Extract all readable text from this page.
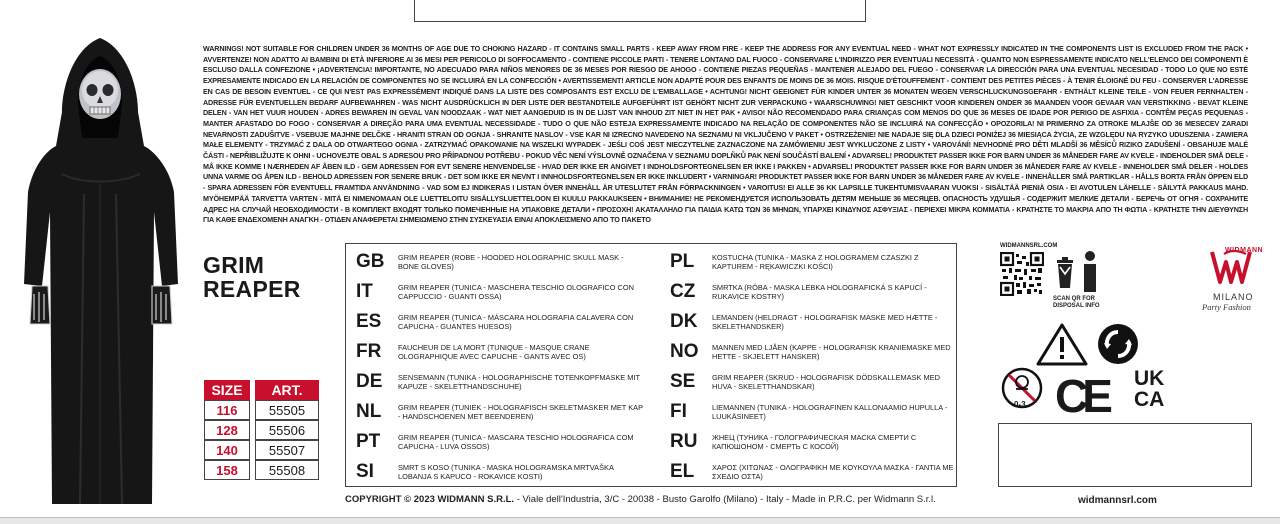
WARNINGS! NOT SUITABLE FOR CHILDREN UNDER 36 MONTHS OF AGE DUE TO CHOKING HAZARD - IT CONTAINS SMALL PARTS - KEEP AWAY FROM FIRE - KEEP THE ADDRESS FOR ANY EVENTUAL NEED - WHAT NOT EXPRESSLY INDICATED IN THE COMPONENTS LIST IS EXCLUDED FROM THE PACK • AVVERTENZE! NON ADATTO AI BAMBINI DI ETÀ INFERIORE AI 36 MESI PER PERICOLO DI SOFFOCAMENTO - CONTIENE PICCOLE PARTI - TENERE LONTANO DAL FUOCO - CONSERVARE L'INDIRIZZO PER EVENTUALI NECESSITÀ - QUANTO NON ESPRESSAMENTE INDICATO NELL'ELENCO DEI COMPONENTI È ESCLUSO DALLA CONFEZIONE • ¡ADVERTENCIA! IMPORTANTE, NO ADECUADO PARA NIÑOS MENORES DE 36 MESES POR RIESGO DE AHOGO - CONTIENE PIEZAS PEQUEÑAS - MANTENER ALEJADO DEL FUEGO - CONSERVAR LA DIRECCIÓN PARA UNA EVENTUAL NECESIDAD - TODO LO QUE NO ESTÉ EXPRESAMENTE INDICADO EN LA RELACIÓN DE COMPONENTES NO SE INCLUIRÁ EN LA CONFECCIÓN • AVERTISSEMENT! ARTICLE NON ADAPTÉ POUR DES ENFANTS DE MOINS DE 36 MOIS. RISQUE D'ÉTOUFFEMENT - CONTIENT DES PETITES PIÈCES - À TENIR ÉLOIGNÉ DU FEU - CONSERVER L'ADRESSE EN CAS DE BESOIN EVENTUEL - CE QUI N'EST PAS EXPRESSÉMENT INDIQUÉ DANS LA LISTE DES COMPOSANTS EST EXCLU DE L'EMBALLAGE • ACHTUNG! NICHT GEEIGNET FÜR KINDER UNTER 36 MONATEN WEGEN VERSCHLUCKUNGSGEFAHR - ENTHÄLT KLEINE TEILE - VON FEUER FERNHALTEN - ADRESSE FÜR EVENTUELLEN BEDARF AUFBEWAHREN - WAS NICHT AUSDRÜCKLICH IN DER LISTE DER BESTANDTEILE AUFGEFÜHRT IST GEHÖRT NICHT ZUR VERPACKUNG • WAARSCHUWING! NIET GESCHIKT VOOR KINDEREN ONDER 36 MAANDEN VOOR GEVAAR VAN VERSTIKKING - BEVAT KLEINE DELEN - VAN HET VUUR HOUDEN - ADRES BEWAREN IN GEVAL VAN NOODZAAK - WAT NIET AANGEDUID IS IN DE LIJST VAN INHOUD ZIT NIET IN HET PAK • AVISO! NÃO RECOMENDADO PARA CRIANÇAS COM MENOS DO QUE 36 MESES DE IDADE POR PERIGO DE ASFIXIA - CONTÊM PEÇAS PEQUENAS - MANTER AFASTADO DO FOGO - CONSERVAR A DIREÇÃO PARA UMA EVENTUAL NECESSIDADE - TUDO O QUE NÃO ESTEJA EXPRESSAMENTE INDICADO NA RELAÇÃO DE COMPONENTES NÃO SE INCLUIRÁ NA CONFECÇÃO • OPOZORILA! NI PRIMERNO ZA OTROKE MLAJŠE OD 36 MESECEV ZARADI NEVARNOSTI ZADUŠITVE - VSEBUJE MAJHNE DELČKE - HRANITI STRAN OD OGNJA - SHRANITE NASLOV - VSE KAR NI IZRECNO NAVEDENO NA SEZNAMU NI VKLJUČENO V PAKET • OSTRZEŻENIE! NIE NADAJE SIĘ DLA DZIECI PONIŻEJ 36 MIESIĄCA ŻYCIA, ZE WZGLĘDU NA RYZYKO UDUSZENIA - ZAWIERA MAŁE ELEMENTY - TRZYMAĆ Z DALA OD OTWARTEGO OGNIA - ZATRZYMAĆ OPAKOWANIE NA WSZELKI WYPADEK - JEŚLI COŚ JEST NIECZYTELNE ZAZNACZONE NA ZAMÓWIENIU JEST WYKLUCZONE Z LISTY • VAROVÁNÍ! NEVHODNÉ PRO DĚTI MLADŠÍ 36 MĚSÍCŮ RIZIKO ZADUŠENÍ - OBSAHUJE MALÉ ČÁSTI - NEPŘIBLIŽUJTE K OHNI - UCHOVEJTE OBAL S ADRESOU PRO PŘÍPADNOU POTŘEBU - POKUD VĚC NENÍ VÝSLOVNĚ OZNAČENA V SEZNAMU DOPLŇKŮ PAK NENÍ SOUČÁSTÍ BALENÍ • ADVARSEL! PRODUKTET PASSER IKKE FOR BARN UNDER 36 MÅNEDER FARE AV KVELE - INDEHOLDER SMÅ DELE - MÅ IKKE KOMME I NÆRHEDEN AF ÅBEN ILD - GEM ADRESSEN FOR EVT SENERE HENVENDELSE - HVAD DER IKKE ER ANGIVET I INDHOLDSFORTEGNELSEN ER IKKE I PAKKEN • ADVARSEL! PRODUKTET PASSER IKKE FOR BARN UNDER 36 MÅNEDER FARE AV KVELE - INNEHOLDER SMÅ DELER - HOLDES UNNA VARME OG ÅPEN ILD - BEHOLD ADRESSEN FOR SENERE BRUK - DET SOM IKKE ER NEVNT I INNHOLDSFORTEGNELSEN ER IKKE INKLUDERT • VARNINGAR! PRODUKTET PASSER IKKE FOR BARN UNDER 36 MÅNEDER FARE AV KVELE - INNEHÅLLER SMÅ PARTIKLAR - HÅLLS BORTA FRÅN ÖPPEN ELD - SPARA ADRESSEN FÖR EVENTUELL FRAMTIDA ANVÄNDNING - VAD SOM EJ INDIKERAS I LISTAN ÖVER INNEHÅLL ÄR UTESLUTET FRÅN FÖRPACKNINGEN • VAROITUS! EI ALLE 36 KK LAPSILLE TUKEHTUMISVAARAN VUOKSI - SISÄLTÄÄ PIENIÄ OSIA - EI AVOTULEN LÄHELLE - SÄILYTÄ PAKKAUS MAHD. MYÖHEMPÄÄ TARVETTA VARTEN - MITÄ EI NIMENOMAAN OLE LUETTELOITU SISÄLLYSLUETTELOON EI KUULU PAKKAUKSEEN • ВНИМАНИЕ! НЕ РЕКОМЕНДУЕТСЯ ИСПОЛЬЗОВАТЬ ДЕТЯМ МЕНЬШЕ 36 МЕСЯЦЕВ. ОПАСНОСТЬ УДУШЬЯ - СОДЕРЖИТ МЕЛКИЕ ДЕТАЛИ - БЕРЕЧЬ ОТ ОГНЯ - СОХРАНИТЕ АДРЕС НА СЛУЧАЙ НЕОБХОДИМОСТИ - В КОМПЛЕКТ ВХОДЯТ ТОЛЬКО ПОМЕЧЕННЫЕ НА УПАКОВКЕ ДЕТАЛИ • ΠΡΟΣΟΧΗ! ΑΚΑΤΑΛΛΗΛΟ ΓΙΑ ΠΑΙΔΙΑ ΚΑΤΩ ΤΩΝ 36 ΜΗΝΩΝ, ΥΠΑΡΧΕΙ ΚΙΝΔΥΝΟΣ ΑΣΦΥΞΙΑΣ - ΠΕΡΙΕΧΕΙ ΜΙΚΡΑ ΚΟΜΜΑΤΙΑ - ΚΡΑΤΗΣΤΕ ΤΟ ΜΑΚΡΙΑ ΑΠΟ ΤΗ ΦΩΤΙΑ - ΚΡΑΤΗΣΤΕ ΤΗΝ ΔΙΕΥΘΥΝΣΗ ΓΙΑ ΚΑΘΕ ΕΝΔΕΧΟΜΕΝΗ ΑΝΑΓΚΗ - ΟΤΙΔΕΝ ΑΝΑΦΕΡΕΤΑΙ ΣΗΜΕΙΩΜΕΝΟ ΣΤΗΝ ΣΥΣΚΕΥΑΣΙΑ ΕΙΝΑΙ ΑΠΟΚΛΕΙΣΜΕΝΟ ΑΠΟ ΤΟ ΠΑΚΕΤΟ
GRIM
REAPER
SIZE		ART.
116		55505
128		55506
140		55507
158		55508
GB GRIM REAPER (ROBE - HOODED HOLOGRAPHIC SKULL MASK - BONE GLOVES)
IT	GRIM REAPER (TUNICA - MASCHERA TESCHIO OLOGRAFICO CON CAPPUCCIO - GUANTI OSSA)
ES	GRIM REAPER (TUNICA - MÁSCARA HOLOGRAFIA CALAVERA CON CAPUCHA - GUANTES HUESOS)
FR	FAUCHEUR DE LA MORT (TUNIQUE - MASQUE CRANE OLOGRAPHIQUE AVEC CAPUCHE - GANTS AVEC OS)
DE	SENSEMANN (TUNIKA - HOLOGRAPHISCHE TOTENKOPFMASKE MIT KAPUZE - SKELETTHANDSCHUHE)
NL	GRIM REAPER (TUNIEK - HOLOGRAFISCH SKELETMASKER MET KAP - HANDSCHOENEN MET BEENDEREN)
PT	GRIM REAPER (TUNICA - MASCARA TESCHIO HOLOGRAFICA COM CAPUCHA - LUVA OSSOS)
SI	SMRT S KOSO (TUNIKA - MASKA HOLOGRAMSKA MRTVAŠKA LOBANJA S KAPUCO - ROKAVICE KOSTI)
PL	KOSTUCHA (TUNIKA - MASKA Z HOLOGRAMEM CZASZKI Z KAPTUREM - RĘKAWICZKI KOŚCI)
CZ	SMRTKA (RÓBA - MASKA LEBKA HOLOGRAFICKÁ S KAPUCÍ - RUKAVICE KOSTRY)
DK	LEMANDEN (HELDRAGT - HOLOGRAFISK MASKE MED HÆTTE - SKELETHANDSKER)
NO MANNEN MED LJÅEN (KAPPE - HOLOGRAFISK KRANIEMASKE MED HETTE - SKJELETT HANSKER)
SE	GRIM REAPER (SKRUD - HOLOGRAFISK DÖDSKALLEMASK MED HUVA - SKELETTHANDSKAR)
FI	LIEMANNEN (TUNIKA - HOLOGRAFINEN KALLONAAMIO HUPULLA - LUUKÄSINEET)
RU	ЖНЕЦ (ТУНИКА - ГОЛОГРАФИЧЕСКАЯ МАСКА СМЕРТИ С КАПЮШОНОМ - СМЕРТЬ С КОСОЙ)
EL	ΧΑΡΟΣ (ΧΙΤΩΝΑΣ - ΟΛΟΓΡΑΦΙΚΗ ΜΕ ΚΟΥΚΟΥΛΑ ΜΑΣΚΑ - ΓΑΝΤΙΑ ΜΕ ΣΧΕΔΙΟ ΟΣΤΑ)
COPYRIGHT © 2023 WIDMANN S.R.L. - Viale dell'Industria, 3/C - 20038 - Busto Garolfo (Milano) - Italy - Made in P.R.C. per Widmann S.r.l.	widmannsrl.com
WIDMANNSRL.COM
SCAN QR FOR
DISPOSAL INFO
WIDMANN
MILANO
Party Fashion
0-3 CE UK
CA
